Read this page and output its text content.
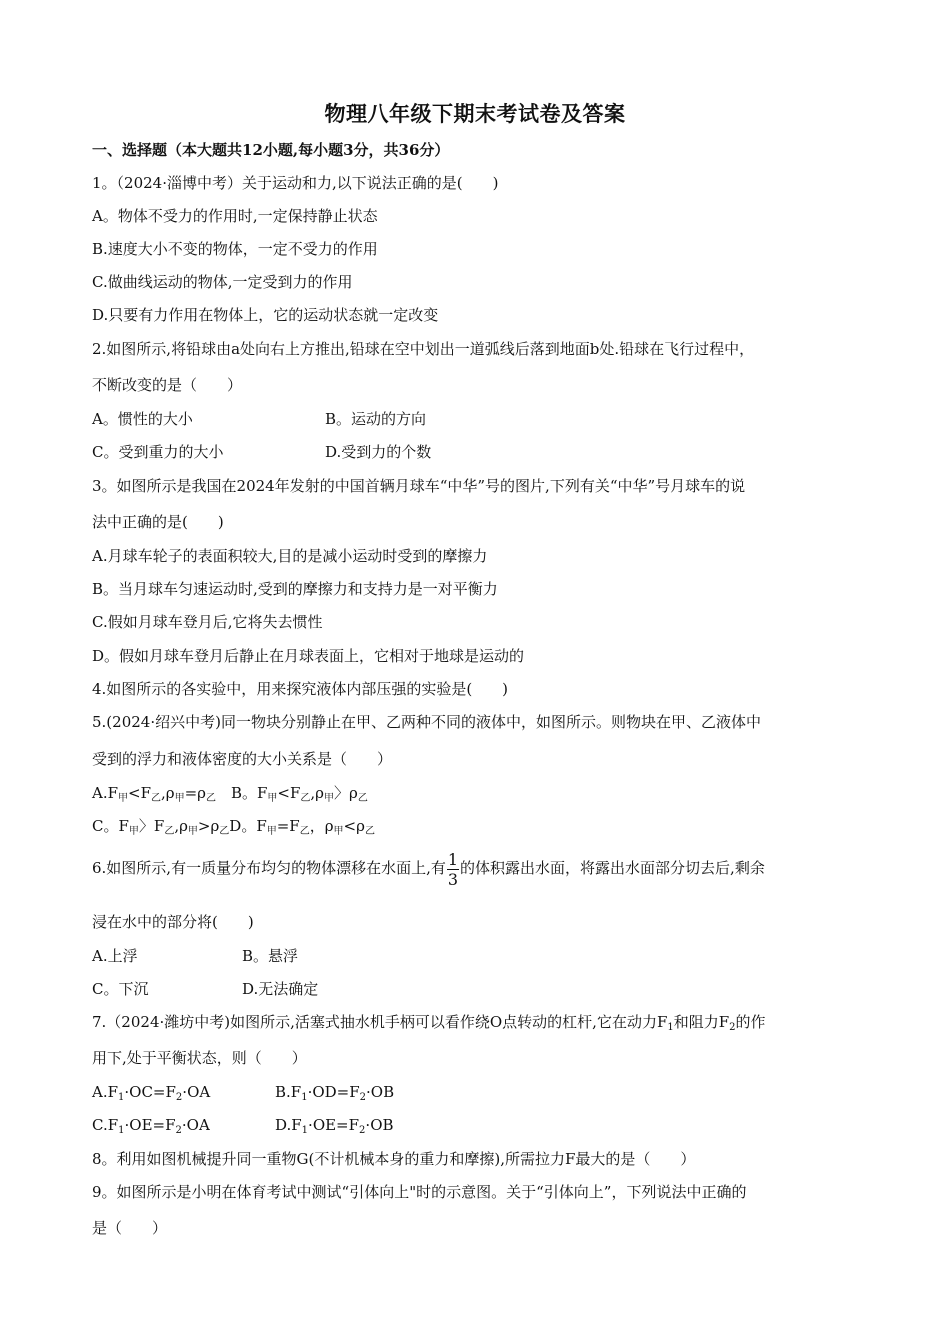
物理八年级下期末考试卷及答案
一、选择题（本大题共12小题,每小题3分，共36分）
1。（2024·淄博中考）关于运动和力,以下说法正确的是(　　)
A。物体不受力的作用时,一定保持静止状态
B.速度大小不变的物体，一定不受力的作用
C.做曲线运动的物体,一定受到力的作用
D.只要有力作用在物体上，它的运动状态就一定改变
2.如图所示,将铅球由a处向右上方推出,铅球在空中划出一道弧线后落到地面b处.铅球在飞行过程中，
不断改变的是（　　）
A。惯性的大小	B。运动的方向
C。受到重力的大小	D.受到力的个数
3。如图所示是我国在2024年发射的中国首辆月球车“中华”号的图片,下列有关“中华”号月球车的说
法中正确的是(　　)
A.月球车轮子的表面积较大,目的是减小运动时受到的摩擦力
B。当月球车匀速运动时,受到的摩擦力和支持力是一对平衡力
C.假如月球车登月后,它将失去惯性
D。假如月球车登月后静止在月球表面上，它相对于地球是运动的
4.如图所示的各实验中，用来探究液体内部压强的实验是(　　)
5.(2024·绍兴中考)同一物块分别静止在甲、乙两种不同的液体中，如图所示。则物块在甲、乙液体中
受到的浮力和液体密度的大小关系是（　　）
$A.F_甲<F_乙,\rho_甲=\rho_乙$　B。$F_甲<F_乙,\rho_甲$〉$\rho_乙$
C。$F_甲$〉$F_乙,\rho_甲>\rho_乙D$。$F_甲=F_乙$，$\rho_甲<\rho_乙$
6.如图所示,有一质量分布均匀的物体漂移在水面上,有 $\frac{1}{3}$ 的体积露出水面，将露出水面部分切去后,剩余
浸在水中的部分将(　　)
A.上浮	B。悬浮
C。下沉	D.无法确定
7.（2024·潍坊中考)如图所示,活塞式抽水机手柄可以看作绕O点转动的杠杆,它在动力$F_1$和阻力$F_2$的作
用下,处于平衡状态，则（　　）
$A.F_1\cdot OC=F_2\cdot OA$	$B.F_1\cdot OD=F_2\cdot OB$
$C.F_1\cdot OE=F_2\cdot OA$	$D.F_1\cdot OE=F_2\cdot OB$
8。利用如图机械提升同一重物G(不计机械本身的重力和摩擦),所需拉力F最大的是（　　）
9。如图所示是小明在体育考试中测试“引体向上"时的示意图。关于“引体向上”，下列说法中正确的
是（　　）
